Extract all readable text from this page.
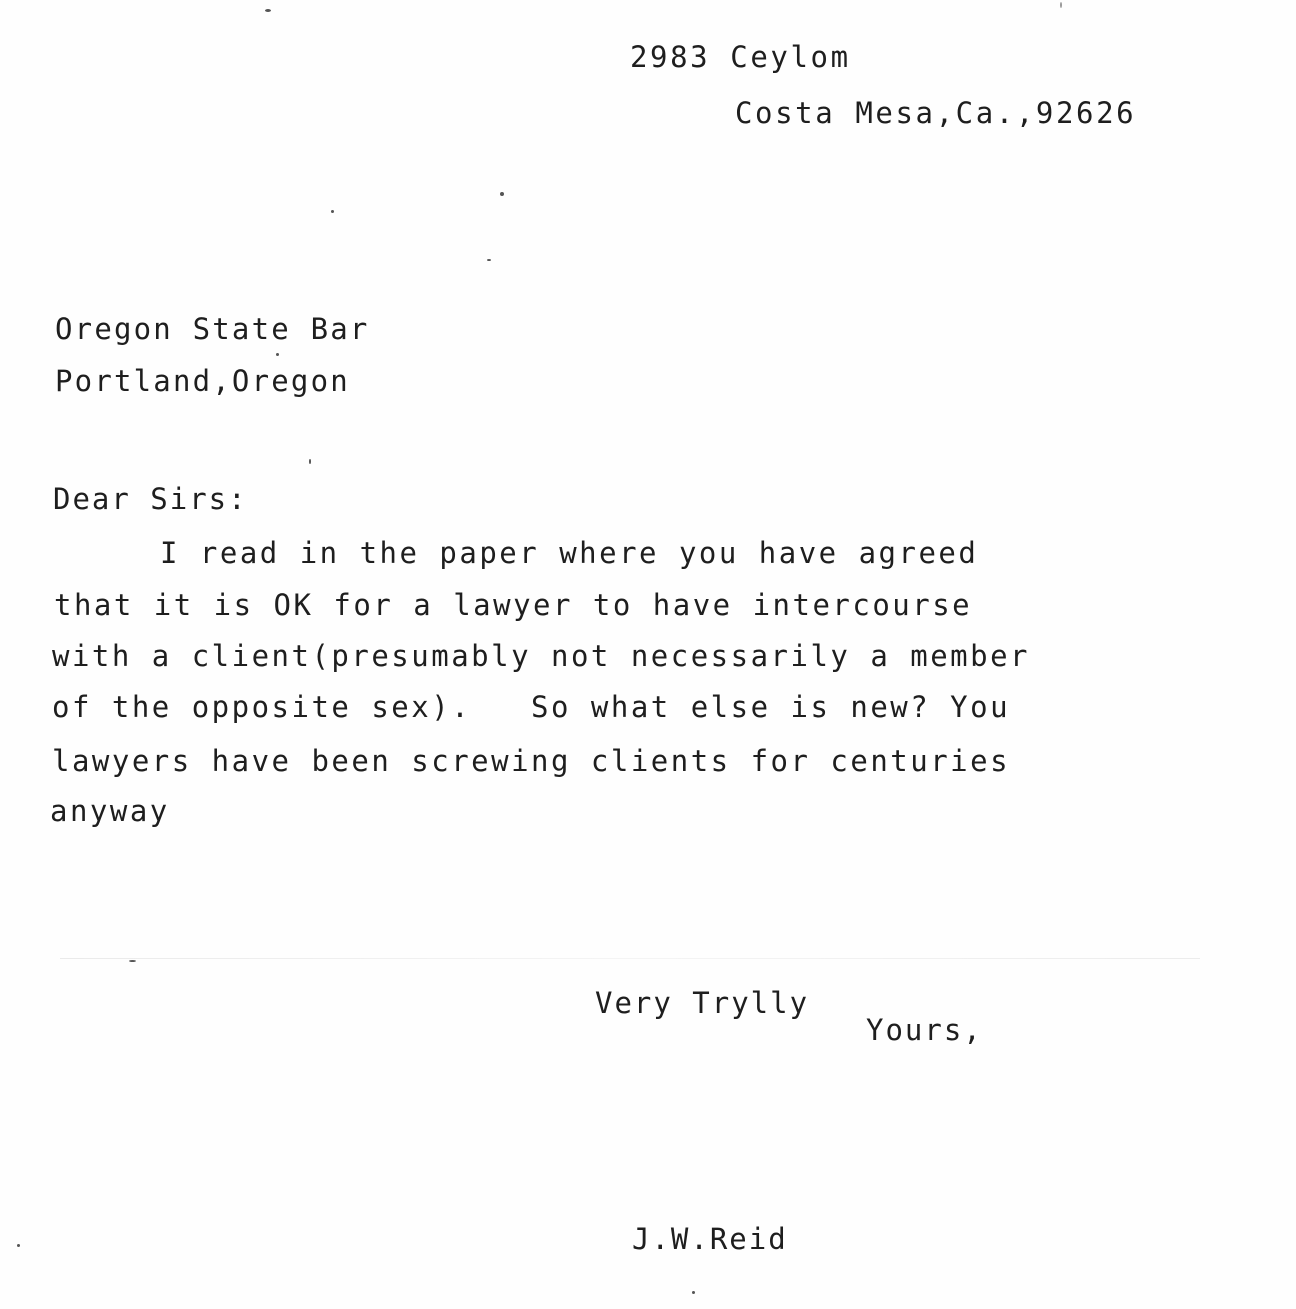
2983 Ceylom
Costa Mesa,Ca.,92626
Oregon State Bar
Portland,Oregon
Dear Sirs:
I read in the paper where you have agreed
that it is OK for a lawyer to have intercourse
with a client(presumably not necessarily a member
of the opposite sex).   So what else is new? You
lawyers have been screwing clients for centuries
anyway
Very Trylly
Yours,
J.W.Reid
